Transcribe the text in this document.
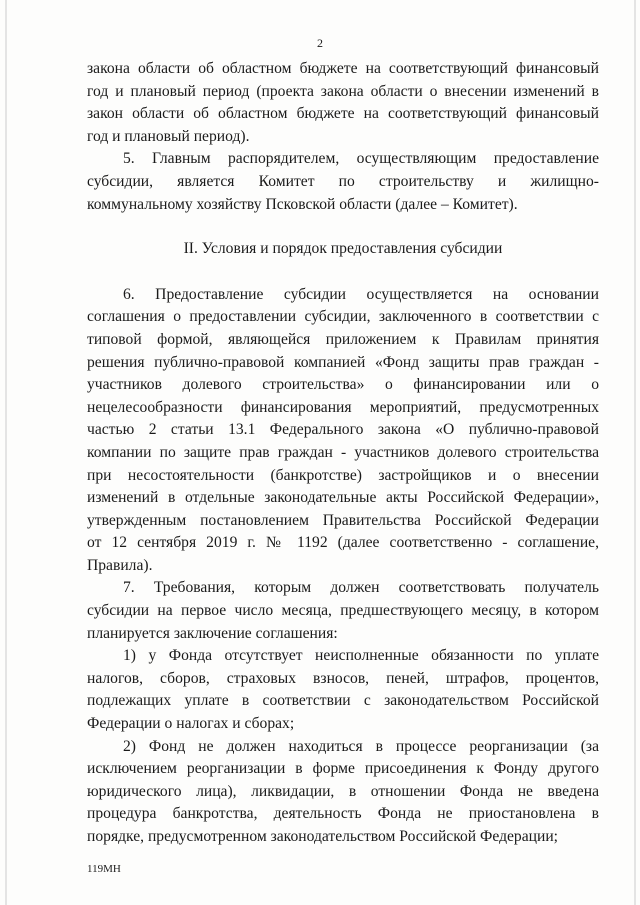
2

закона области об областном бюджете на соответствующий финансовый

год и плановый период (проекта закона области о внесении изменений в

закон области об областном бюджете на соответствующий финансовый

год и плановый период).

5. Главным распорядителем, осуществляющим предоставление

субсидии, является Комитет по строительству и жилищно-

коммунальному хозяйству Псковской области (далее – Комитет).

II. Условия и порядок предоставления субсидии

6. Предоставление субсидии осуществляется на основании

соглашения о предоставлении субсидии, заключенного в соответствии с

типовой формой, являющейся приложением к Правилам принятия

решения публично-правовой компанией «Фонд защиты прав граждан -

участников долевого строительства» о финансировании или о

нецелесообразности финансирования мероприятий, предусмотренных

частью 2 статьи 13.1 Федерального закона «О публично-правовой

компании по защите прав граждан - участников долевого строительства

при несостоятельности (банкротстве) застройщиков и о внесении

изменений в отдельные законодательные акты Российской Федерации»,

утвержденным постановлением Правительства Российской Федерации

от 12 сентября 2019 г. № 1192 (далее соответственно - соглашение,

Правила).

7. Требования, которым должен соответствовать получатель

субсидии на первое число месяца, предшествующего месяцу, в котором

планируется заключение соглашения:

1) у Фонда отсутствует неисполненные обязанности по уплате

налогов, сборов, страховых взносов, пеней, штрафов, процентов,

подлежащих уплате в соответствии с законодательством Российской

Федерации о налогах и сборах;

2) Фонд не должен находиться в процессе реорганизации (за

исключением реорганизации в форме присоединения к Фонду другого

юридического лица), ликвидации, в отношении Фонда не введена

процедура банкротства, деятельность Фонда не приостановлена в

порядке, предусмотренном законодательством Российской Федерации;

119МН
